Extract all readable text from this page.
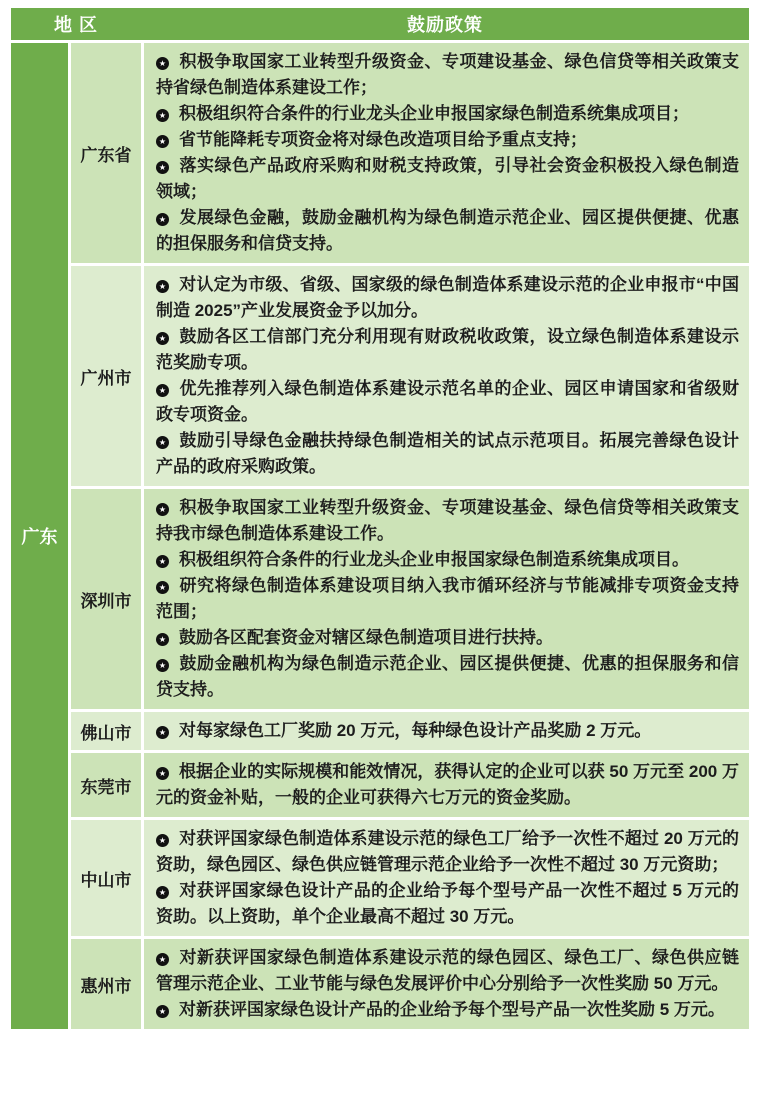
地 区 鼓励政策		

广东	广东省	★ 积极争取国家工业转型升级资金、专项建设基金、绿色信贷等相关政策支持省绿色制造体系建设工作；

★ 积极组织符合条件的行业龙头企业申报国家绿色制造系统集成项目；

★ 省节能降耗专项资金将对绿色改造项目给予重点支持；

★ 落实绿色产品政府采购和财税支持政策，引导社会资金积极投入绿色制造领域；

★ 发展绿色金融，鼓励金融机构为绿色制造示范企业、园区提供便捷、优惠的担保服务和信贷支持。

	广州市	★ 对认定为市级、省级、国家级的绿色制造体系建设示范的企业申报市“中国制造 2025”产业发展资金予以加分。

★ 鼓励各区工信部门充分利用现有财政税收政策，设立绿色制造体系建设示范奖励专项。

★ 优先推荐列入绿色制造体系建设示范名单的企业、园区申请国家和省级财政专项资金。

★ 鼓励引导绿色金融扶持绿色制造相关的试点示范项目。拓展完善绿色设计产品的政府采购政策。

	深圳市	★ 积极争取国家工业转型升级资金、专项建设基金、绿色信贷等相关政策支持我市绿色制造体系建设工作。

★ 积极组织符合条件的行业龙头企业申报国家绿色制造系统集成项目。

★ 研究将绿色制造体系建设项目纳入我市循环经济与节能减排专项资金支持范围；

★ 鼓励各区配套资金对辖区绿色制造项目进行扶持。

★ 鼓励金融机构为绿色制造示范企业、园区提供便捷、优惠的担保服务和信贷支持。

	佛山市	★ 对每家绿色工厂奖励 20 万元，每种绿色设计产品奖励 2 万元。

	东莞市	★ 根据企业的实际规模和能效情况，获得认定的企业可以获 50 万元至 200 万元的资金补贴，一般的企业可获得六七万元的资金奖励。

	中山市	★ 对获评国家绿色制造体系建设示范的绿色工厂给予一次性不超过 20 万元的资助，绿色园区、绿色供应链管理示范企业给予一次性不超过 30 万元资助；

★ 对获评国家绿色设计产品的企业给予每个型号产品一次性不超过 5 万元的资助。以上资助，单个企业最高不超过 30 万元。

	惠州市	★ 对新获评国家绿色制造体系建设示范的绿色园区、绿色工厂、绿色供应链管理示范企业、工业节能与绿色发展评价中心分别给予一次性奖励 50 万元。

★ 对新获评国家绿色设计产品的企业给予每个型号产品一次性奖励 5 万元。
